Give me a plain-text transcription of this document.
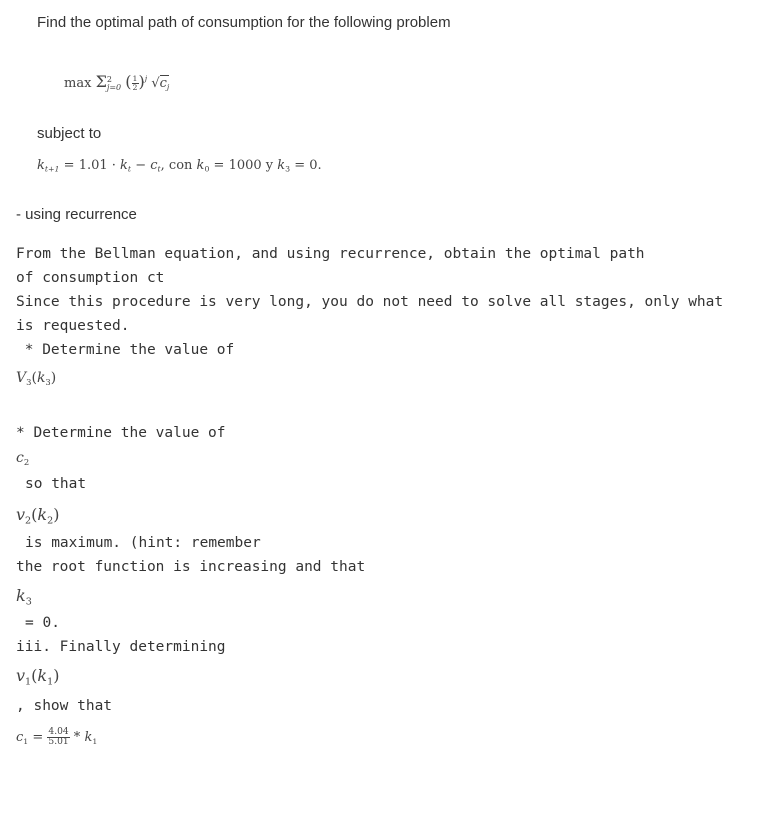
Find the optimal path of consumption for the following problem
max Σ 2
j=0 ( $\frac{1}{2} )^j$ $√c_j$
subject to
$k_{t+1} = 1.01 \cdot k_t - c_t$, con $k_0 = 1000$ y $k_3 = 0$.
- using recurrence
From the Bellman equation, and using recurrence, obtain the optimal path
of consumption ct
Since this procedure is very long, you do not need to solve all stages, only what
is requested.
* Determine the value of
$V_3(k_3)$
* Determine the value of
$c_2$
so that
$v_2(k_2)$
is maximum. (hint: remember
the root function is increasing and that
$k_3$
= 0.
iii. Finally determining
$v_1(k_1)$
, show that
$c_1 = \frac{4.04}{5.01} * k_1$
